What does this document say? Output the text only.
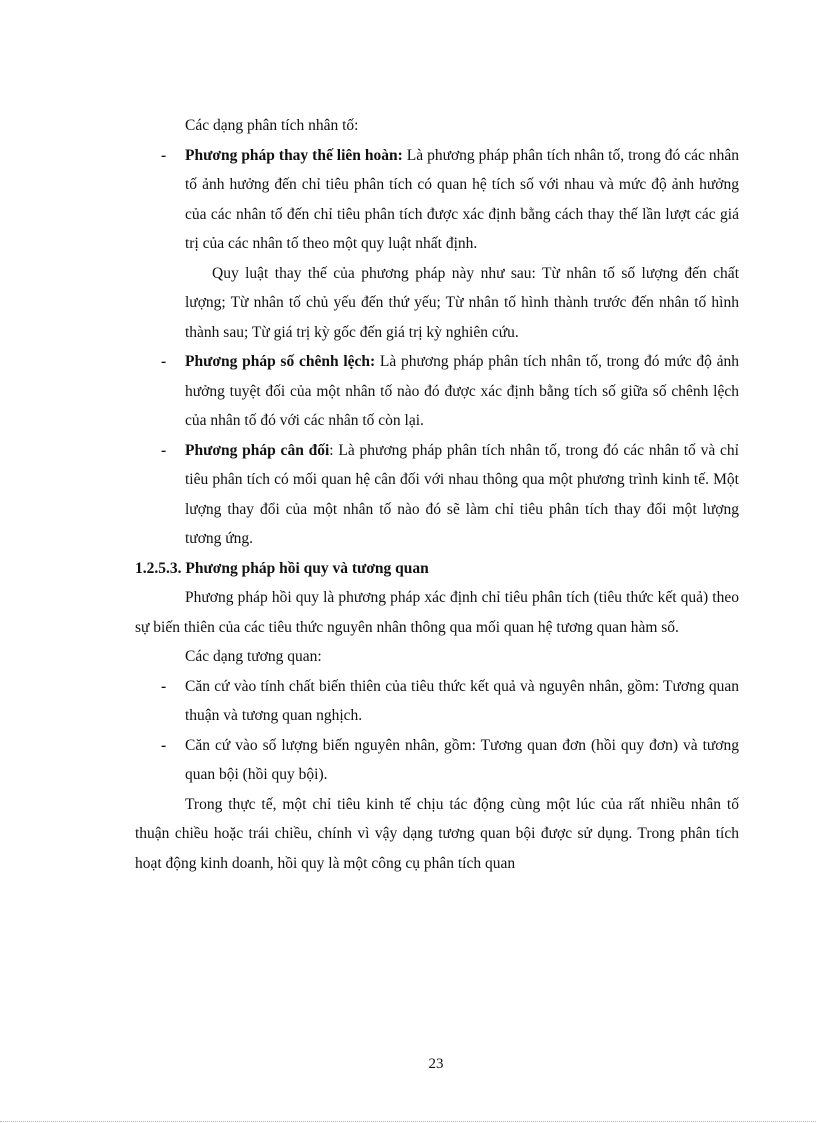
Các dạng phân tích nhân tố:

- Phương pháp thay thế liên hoàn: Là phương pháp phân tích nhân tố, trong đó các nhân tố ảnh hưởng đến chỉ tiêu phân tích có quan hệ tích số với nhau và mức độ ảnh hưởng của các nhân tố đến chỉ tiêu phân tích được xác định bằng cách thay thế lần lượt các giá trị của các nhân tố theo một quy luật nhất định.

Quy luật thay thế của phương pháp này như sau: Từ nhân tố số lượng đến chất lượng; Từ nhân tố chủ yếu đến thứ yếu; Từ nhân tố hình thành trước đến nhân tố hình thành sau; Từ giá trị kỳ gốc đến giá trị kỳ nghiên cứu.

- Phương pháp số chênh lệch: Là phương pháp phân tích nhân tố, trong đó mức độ ảnh hưởng tuyệt đối của một nhân tố nào đó được xác định bằng tích số giữa số chênh lệch của nhân tố đó với các nhân tố còn lại.

- Phương pháp cân đối: Là phương pháp phân tích nhân tố, trong đó các nhân tố và chỉ tiêu phân tích có mối quan hệ cân đối với nhau thông qua một phương trình kinh tế. Một lượng thay đổi của một nhân tố nào đó sẽ làm chỉ tiêu phân tích thay đổi một lượng tương ứng.

1.2.5.3. Phương pháp hồi quy và tương quan

Phương pháp hồi quy là phương pháp xác định chỉ tiêu phân tích (tiêu thức kết quả) theo sự biến thiên của các tiêu thức nguyên nhân thông qua mối quan hệ tương quan hàm số.

Các dạng tương quan:

- Căn cứ vào tính chất biến thiên của tiêu thức kết quả và nguyên nhân, gồm: Tương quan thuận và tương quan nghịch.

- Căn cứ vào số lượng biến nguyên nhân, gồm: Tương quan đơn (hồi quy đơn) và tương quan bội (hồi quy bội).

Trong thực tế, một chỉ tiêu kinh tế chịu tác động cùng một lúc của rất nhiều nhân tố thuận chiều hoặc trái chiều, chính vì vậy dạng tương quan bội được sử dụng. Trong phân tích hoạt động kinh doanh, hồi quy là một công cụ phân tích quan

23
